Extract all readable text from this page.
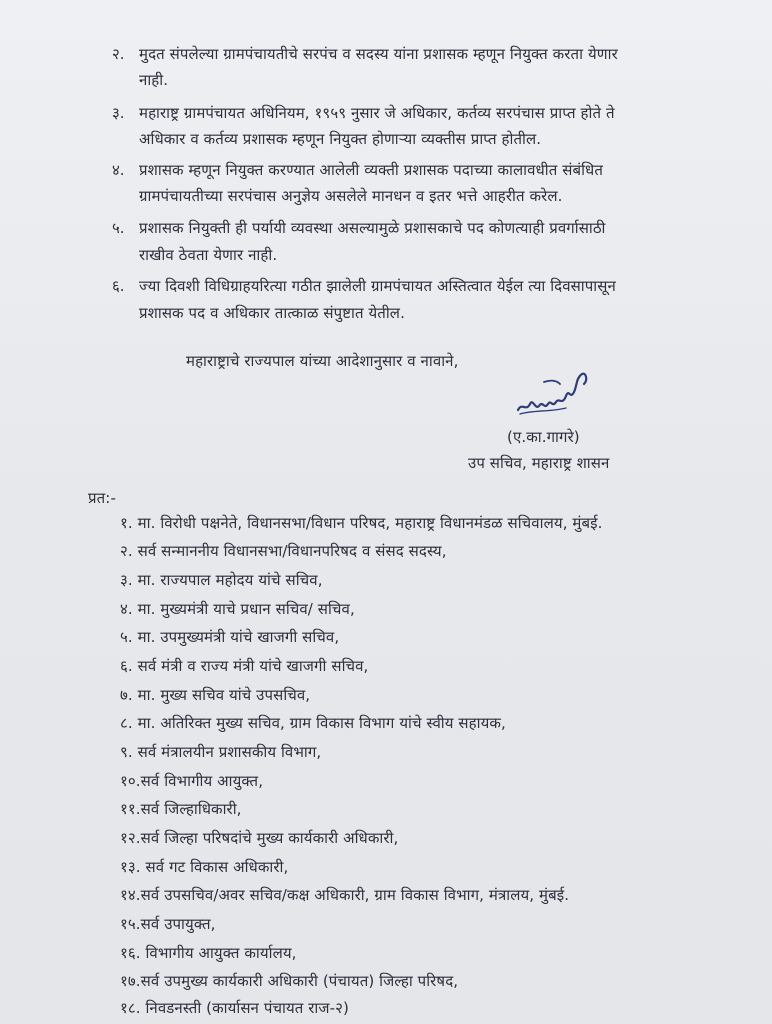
२. मुदत संपलेल्या ग्रामपंचायतीचे सरपंच व सदस्य यांना प्रशासक म्हणून नियुक्त करता येणार
नाही.
३. महाराष्ट्र ग्रामपंचायत अधिनियम, १९५९ नुसार जे अधिकार, कर्तव्य सरपंचास प्राप्त होते ते
अधिकार व कर्तव्य प्रशासक म्हणून नियुक्त होणाऱ्या व्यक्तीस प्राप्त होतील.
४. प्रशासक म्हणून नियुक्त करण्यात आलेली व्यक्ती प्रशासक पदाच्या कालावधीत संबंधित
ग्रामपंचायतीच्या सरपंचास अनुज्ञेय असलेले मानधन व इतर भत्ते आहरीत करेल.
५. प्रशासक नियुक्ती ही पर्यायी व्यवस्था असल्यामुळे प्रशासकाचे पद कोणत्याही प्रवर्गासाठी
राखीव ठेवता येणार नाही.
६. ज्या दिवशी विधिग्राहयरित्या गठीत झालेली ग्रामपंचायत अस्तित्वात येईल त्या दिवसापासून
प्रशासक पद व अधिकार तात्काळ संपुष्टात येतील.
महाराष्ट्राचे राज्यपाल यांच्या आदेशानुसार व नावाने,
(ए.का.गागरे)
उप सचिव, महाराष्ट्र शासन
प्रत:-
१. मा. विरोधी पक्षनेते, विधानसभा/विधान परिषद, महाराष्ट्र विधानमंडळ सचिवालय, मुंबई.
२. सर्व सन्माननीय विधानसभा/विधानपरिषद व संसद सदस्य,
३. मा. राज्यपाल महोदय यांचे सचिव,
४. मा. मुख्यमंत्री याचे प्रधान सचिव/ सचिव,
५. मा. उपमुख्यमंत्री यांचे खाजगी सचिव,
६. सर्व मंत्री व राज्य मंत्री यांचे खाजगी सचिव,
७. मा. मुख्य सचिव यांचे उपसचिव,
८. मा. अतिरिक्त मुख्य सचिव, ग्राम विकास विभाग यांचे स्वीय सहायक,
९. सर्व मंत्रालयीन प्रशासकीय विभाग,
१०.सर्व विभागीय आयुक्त,
११.सर्व जिल्हाधिकारी,
१२.सर्व जिल्हा परिषदांचे मुख्य कार्यकारी अधिकारी,
१३. सर्व गट विकास अधिकारी,
१४.सर्व उपसचिव/अवर सचिव/कक्ष अधिकारी, ग्राम विकास विभाग, मंत्रालय, मुंबई.
१५.सर्व उपायुक्त,
१६. विभागीय आयुक्त कार्यालय,
१७.सर्व उपमुख्य कार्यकारी अधिकारी (पंचायत) जिल्हा परिषद,
१८. निवडनस्ती (कार्यासन पंचायत राज-२)
